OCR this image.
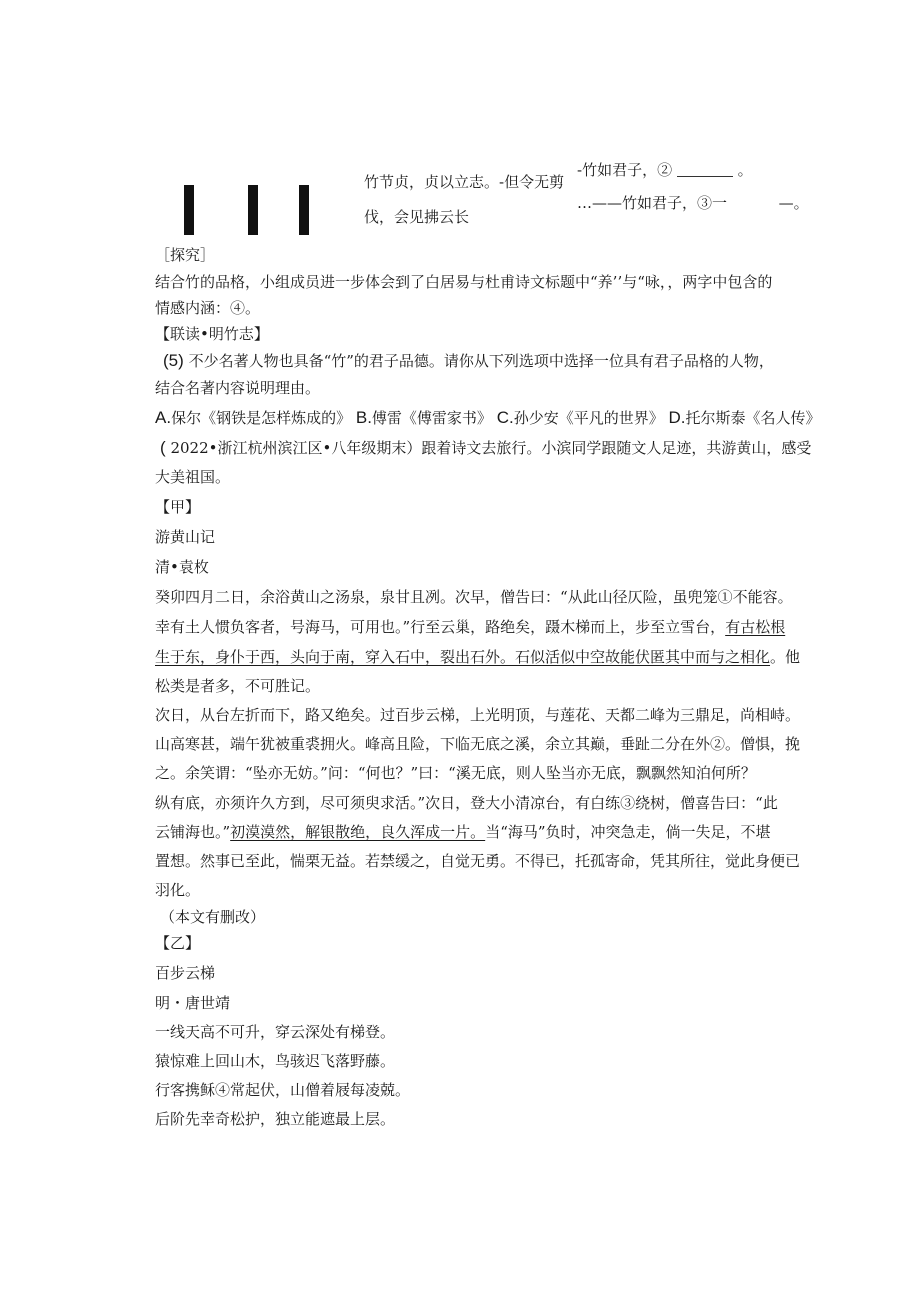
竹节贞，贞以立志。-但令无剪
伐，会见拂云长
-竹如君子，②	。
…——竹如君子，③一	—。
［探究］
结合竹的品格，小组成员进一步体会到了白居易与杜甫诗文标题中“养’’与“咏，，两字中包含的
情感内涵：④。
【联读•明竹志】
(5) 不少名著人物也具备“竹”的君子品德。请你从下列选项中选择一位具有君子品格的人物，
结合名著内容说明理由。
A.保尔《钢铁是怎样炼成的》 B.傅雷《傅雷家书》 C.孙少安《平凡的世界》 D.托尔斯泰《名人传》
( 2022•浙江杭州滨江区•八年级期末）跟着诗文去旅行。小滨同学跟随文人足迹，共游黄山，感受
大美祖国。
【甲】
游黄山记
清•袁枚
癸卯四月二日，余浴黄山之汤泉，泉甘且冽。次早，僧告曰：“从此山径仄险，虽兜笼①不能容。
幸有土人惯负客者，号海马，可用也。”行至云巢，路绝矣，蹑木梯而上，步至立雪台，有古松根
生于东，身仆于西，头向于南，穿入石中，裂出石外。石似活似中空故能伏匿其中而与之相化。他
松类是者多，不可胜记。
次日，从台左折而下，路又绝矣。过百步云梯，上光明顶，与莲花、天都二峰为三鼎足，尚相峙。
山高寒甚，端午犹被重裘拥火。峰高且险，下临无底之溪，余立其巅，垂趾二分在外②。僧惧，挽
之。余笑谓：“坠亦无妨。”问：“何也？”曰：“溪无底，则人坠当亦无底，飘飘然知泊何所？
纵有底，亦须许久方到，尽可须臾求活。”次日，登大小清凉台，有白练③绕树，僧喜告曰：“此
云铺海也。”初漠漠然，解银散绝，良久浑成一片。当“海马”负时，冲突急走，倘一失足，不堪
置想。然事已至此，惴栗无益。若禁缓之，自觉无勇。不得已，托孤寄命，凭其所往，觉此身便已
羽化。
（本文有删改）
【乙】
百步云梯
明・唐世靖
一线天高不可升，穿云深处有梯登。
猿惊难上回山木，鸟骇迟飞落野藤。
行客携稣④常起伏，山僧着屐每凌兢。
后阶先幸奇松护，独立能遮最上层。
